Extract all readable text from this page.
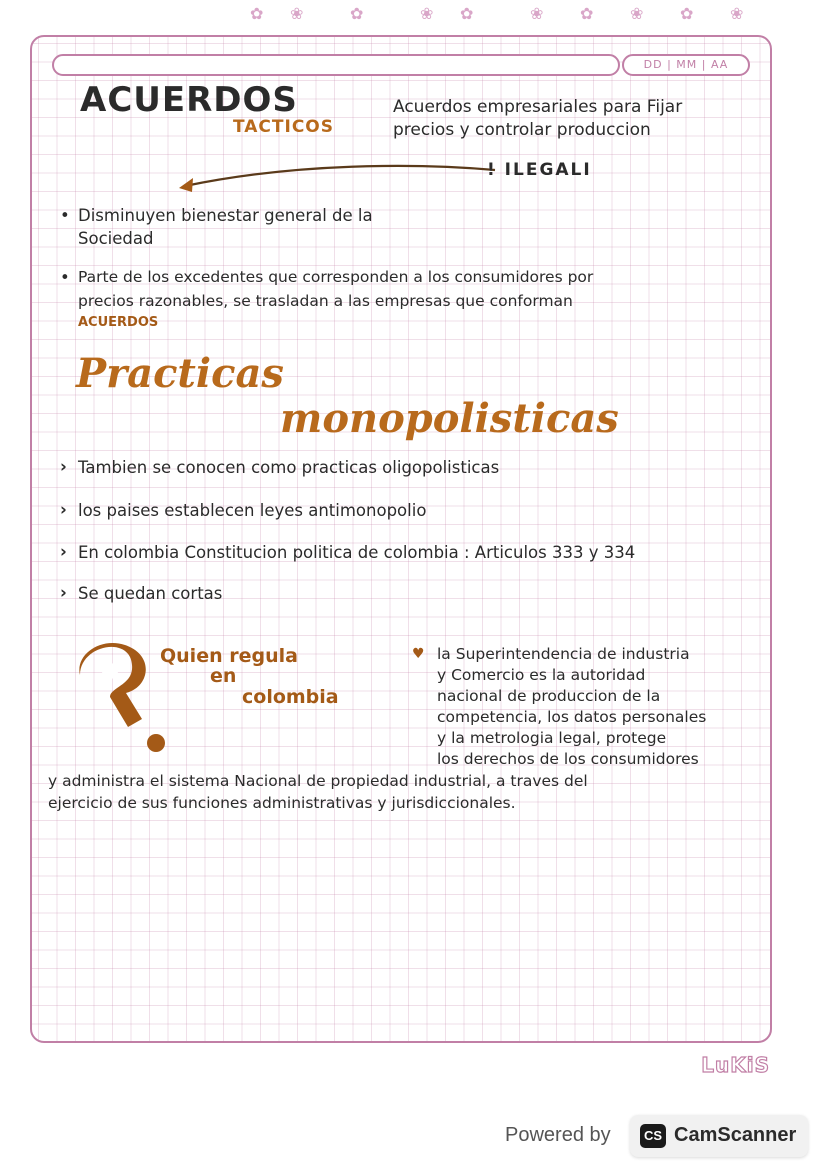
✿ ❀	✿	❀ ✿	❀ ✿ ❀ ✿ ❀
DD | MM | AA
ACUERDOS
TACTICOS
Acuerdos empresariales para Fijar
precios y controlar produccion
! ILEGALI
• Disminuyen bienestar general de la
Sociedad
• Parte de los excedentes que corresponden a los consumidores por
precios razonables, se trasladan a las empresas que conforman
ACUERDOS
Practicas
monopolisticas
› Tambien se conocen como practicas oligopolisticas
› los paises establecen leyes antimonopolio
› En colombia Constitucion politica de colombia : Articulos 333 y 334
› Se quedan cortas
Quien regula
en
colombia
♥ la Superintendencia de industria
y Comercio es la autoridad
nacional de produccion de la
competencia, los datos personales
y la metrologia legal, protege
los derechos de los consumidores
y administra el sistema Nacional de propiedad industrial, a traves del
ejercicio de sus funciones administrativas y jurisdiccionales.
LuKiS
Powered by	CS CamScanner
